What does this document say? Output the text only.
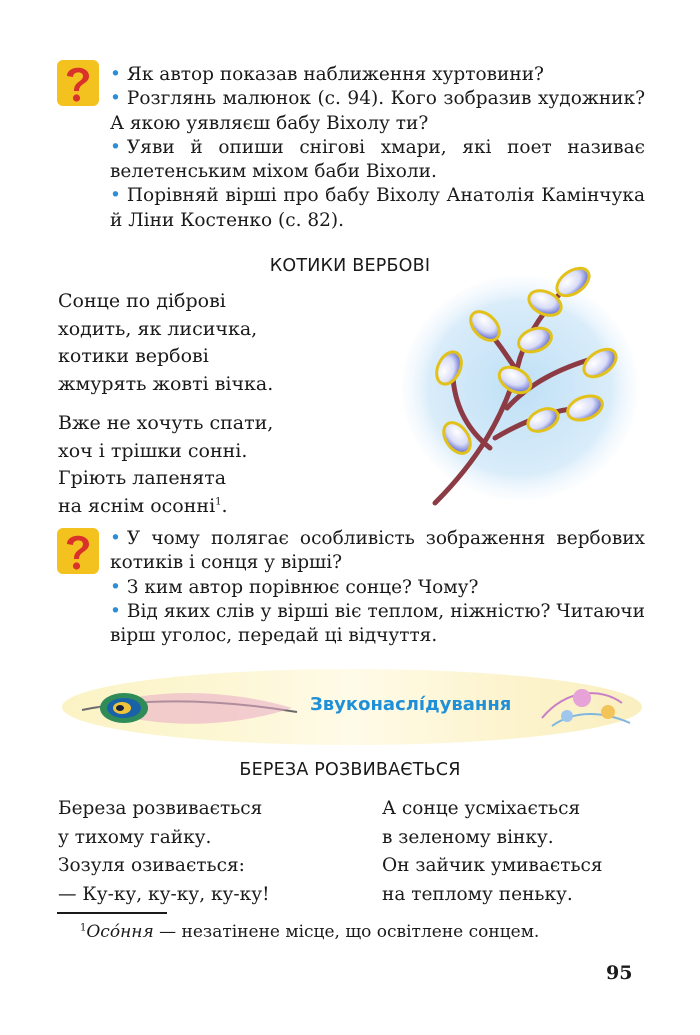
• Як автор показав наближення хуртовини?

• Розглянь малюнок (с. 94). Кого зобразив художник? А якою уявляєш бабу Віхолу ти?

• Уяви й опиши снігові хмари, які поет називає велетенським міхом баби Віхоли.

• Порівняй вірші про бабу Віхолу Анатолія Камінчука й Ліни Костенко (с. 82).

КОТИКИ ВЕРБОВІ

Сонце по діброві

ходить, як лисичка,

котики вербові

жмурять жовті вічка.

Вже не хочуть спати,

хоч і трішки сонні.

Гріють лапенята

на яснім осонні$^1$.

• У чому полягає особливість зображення вербових котиків і сонця у вірші?

• З ким автор порівнює сонце? Чому?

• Від яких слів у вірші віє теплом, ніжністю? Читаючи вірш уголос, передай ці відчуття.

Звуконаслі́дування
БЕРЕЗА РОЗВИВАЄТЬСЯ

Береза розвивається

у тихому гайку.

Зозуля озивається:

— Ку-ку, ку-ку, ку-ку!

А сонце усміхається

в зеленому вінку.

Он зайчик умивається

на теплому пеньку.

$^1$Осо́ння — незатінене місце, що освітлене сонцем.
95
